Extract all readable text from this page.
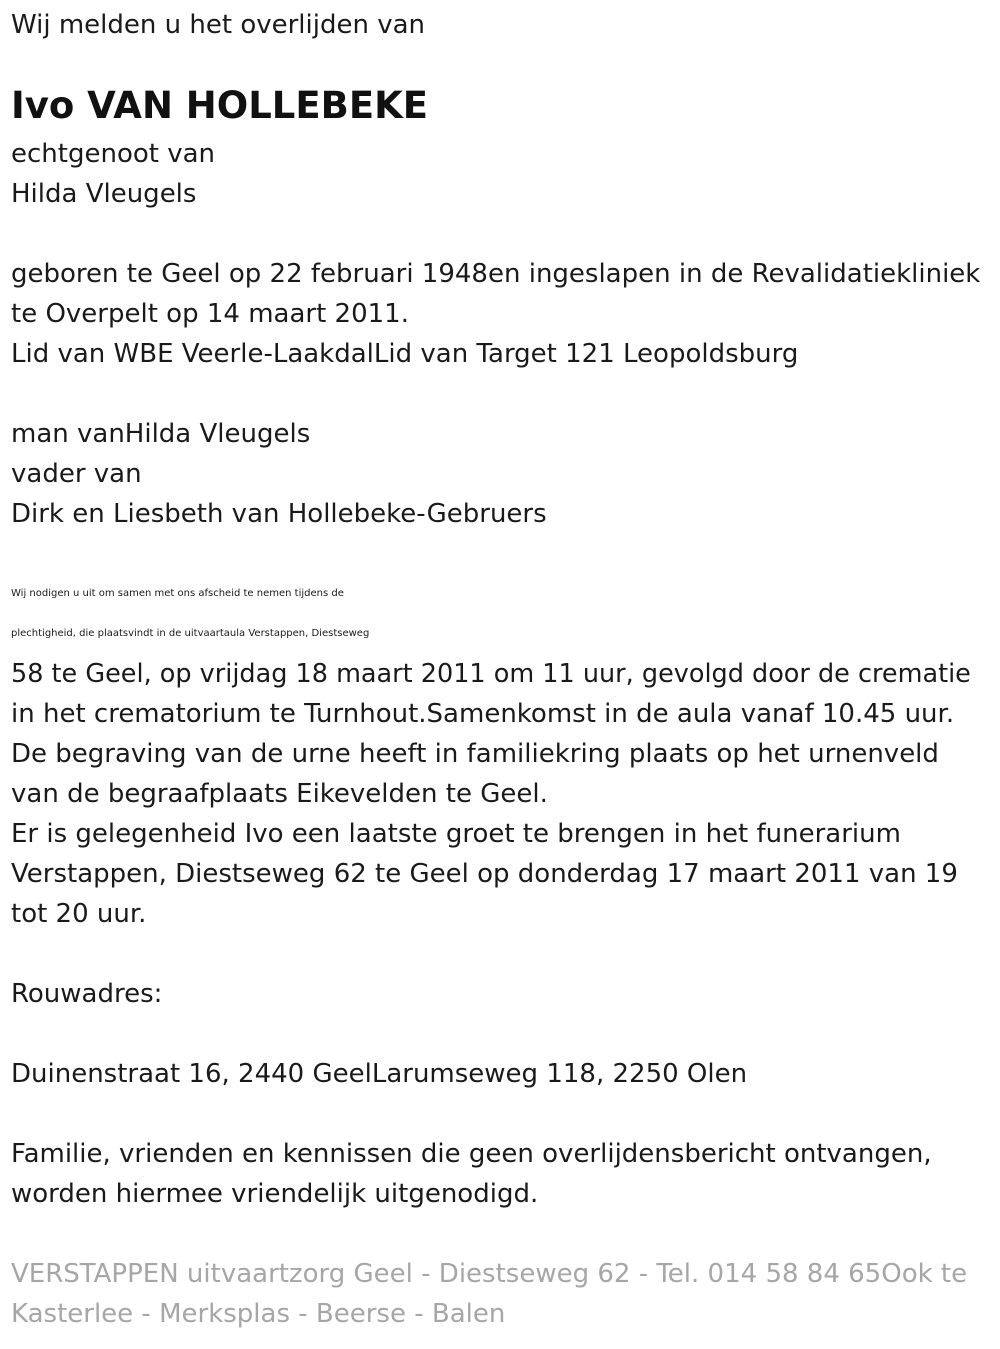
Wij melden u het overlijden van

Ivo VAN HOLLEBEKE

echtgenoot van

Hilda Vleugels

geboren te Geel op 22 februari 1948en ingeslapen in de Revalidatiekliniek

te Overpelt op 14 maart 2011.

Lid van WBE Veerle-LaakdalLid van Target 121 Leopoldsburg

man vanHilda Vleugels

vader van

Dirk en Liesbeth van Hollebeke-Gebruers

Wij nodigen u uit om samen met ons afscheid te nemen tijdens de

plechtigheid, die plaatsvindt in de uitvaartaula Verstappen, Diestseweg

58 te Geel, op vrijdag 18 maart 2011 om 11 uur, gevolgd door de crematie

in het crematorium te Turnhout.Samenkomst in de aula vanaf 10.45 uur.

De begraving van de urne heeft in familiekring plaats op het urnenveld

van de begraafplaats Eikevelden te Geel.

Er is gelegenheid Ivo een laatste groet te brengen in het funerarium

Verstappen, Diestseweg 62 te Geel op donderdag 17 maart 2011 van 19

tot 20 uur.

Rouwadres:

Duinenstraat 16, 2440 GeelLarumseweg 118, 2250 Olen

Familie, vrienden en kennissen die geen overlijdensbericht ontvangen,

worden hiermee vriendelijk uitgenodigd.

VERSTAPPEN uitvaartzorg Geel - Diestseweg 62 - Tel. 014 58 84 65Ook te

Kasterlee - Merksplas - Beerse - Balen
